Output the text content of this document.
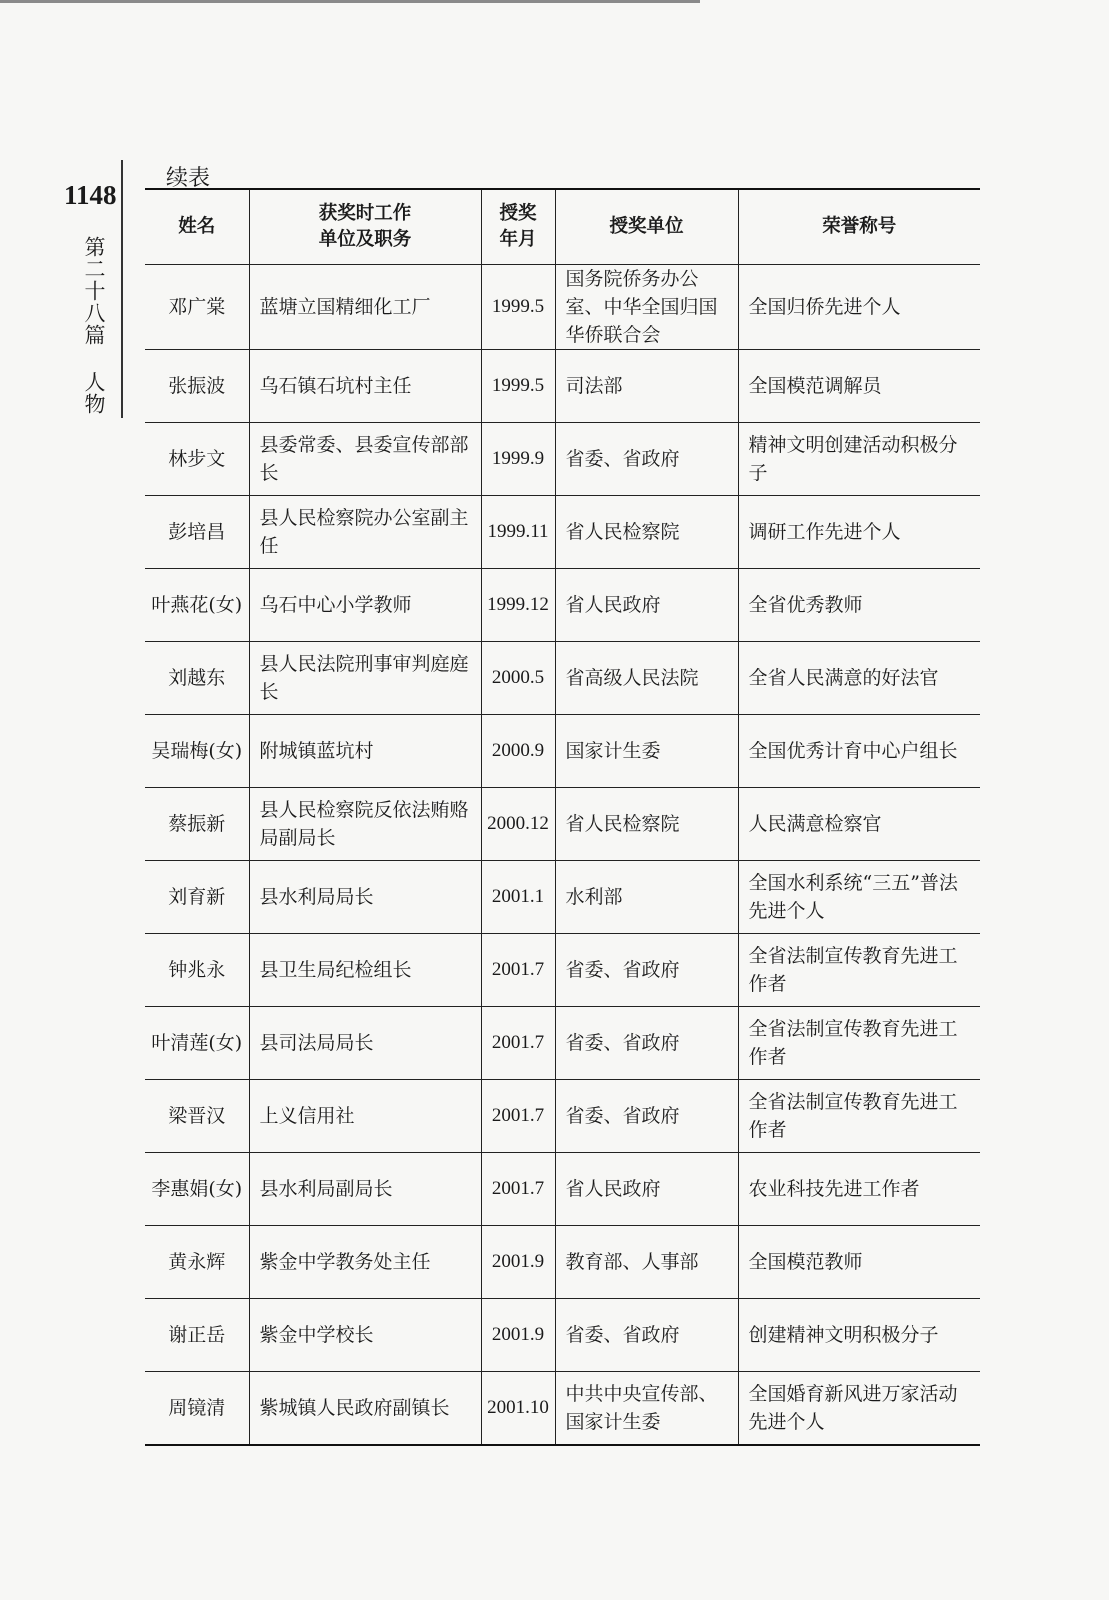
1148
第二十八篇 人物
续表
姓名	获奖时工作单位及职务	授奖年月	授奖单位	荣誉称号
邓广棠	蓝塘立国精细化工厂	1999.5	国务院侨务办公室、中华全国归国华侨联合会	全国归侨先进个人
张振波	乌石镇石坑村主任	1999.5	司法部	全国模范调解员
林步文	县委常委、县委宣传部部长	1999.9	省委、省政府	精神文明创建活动积极分子
彭培昌	县人民检察院办公室副主任	1999.11	省人民检察院	调研工作先进个人
叶燕花(女)	乌石中心小学教师	1999.12	省人民政府	全省优秀教师
刘越东	县人民法院刑事审判庭庭长	2000.5	省高级人民法院	全省人民满意的好法官
吴瑞梅(女)	附城镇蓝坑村	2000.9	国家计生委	全国优秀计育中心户组长
蔡振新	县人民检察院反依法贿赂局副局长	2000.12	省人民检察院	人民满意检察官
刘育新	县水利局局长	2001.1	水利部	全国水利系统“三五”普法先进个人
钟兆永	县卫生局纪检组长	2001.7	省委、省政府	全省法制宣传教育先进工作者
叶清莲(女)	县司法局局长	2001.7	省委、省政府	全省法制宣传教育先进工作者
梁晋汉	上义信用社	2001.7	省委、省政府	全省法制宣传教育先进工作者
李惠娟(女)	县水利局副局长	2001.7	省人民政府	农业科技先进工作者
黄永辉	紫金中学教务处主任	2001.9	教育部、人事部	全国模范教师
谢正岳	紫金中学校长	2001.9	省委、省政府	创建精神文明积极分子
周镜清	紫城镇人民政府副镇长	2001.10	中共中央宣传部、国家计生委	全国婚育新风进万家活动先进个人
